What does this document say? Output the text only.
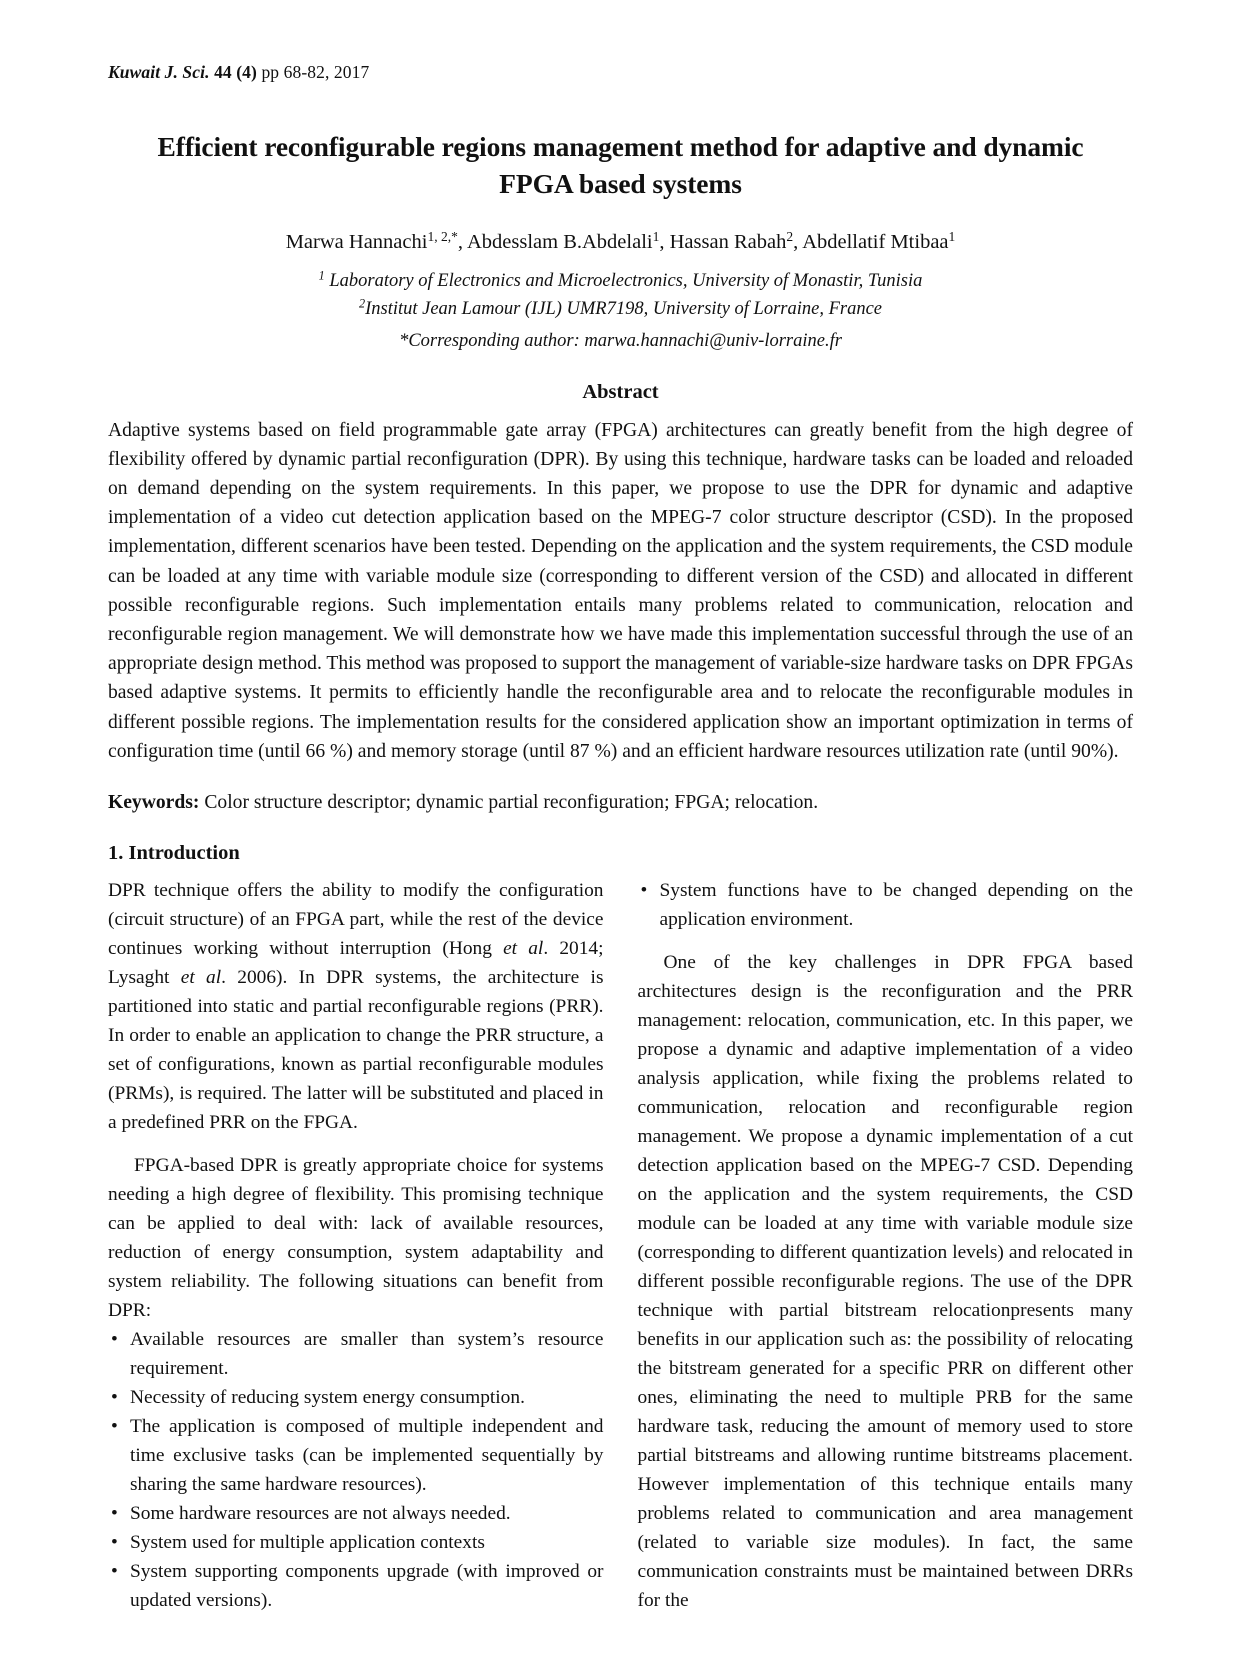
Kuwait J. Sci. 44 (4) pp 68-82, 2017
Efficient reconfigurable regions management method for adaptive and dynamic FPGA based systems
Marwa Hannachi$^{1, 2,*}$, Abdesslam B.Abdelali$^1$, Hassan Rabah$^2$, Abdellatif Mtibaa$^1$
$^1$ Laboratory of Electronics and Microelectronics, University of Monastir, Tunisia
$^2$Institut Jean Lamour (IJL) UMR7198, University of Lorraine, France
*Corresponding author: marwa.hannachi@univ-lorraine.fr
Abstract
Adaptive systems based on field programmable gate array (FPGA) architectures can greatly benefit from the high degree of flexibility offered by dynamic partial reconfiguration (DPR). By using this technique, hardware tasks can be loaded and reloaded on demand depending on the system requirements. In this paper, we propose to use the DPR for dynamic and adaptive implementation of a video cut detection application based on the MPEG-7 color structure descriptor (CSD). In the proposed implementation, different scenarios have been tested. Depending on the application and the system requirements, the CSD module can be loaded at any time with variable module size (corresponding to different version of the CSD) and allocated in different possible reconfigurable regions. Such implementation entails many problems related to communication, relocation and reconfigurable region management. We will demonstrate how we have made this implementation successful through the use of an appropriate design method. This method was proposed to support the management of variable-size hardware tasks on DPR FPGAs based adaptive systems. It permits to efficiently handle the reconfigurable area and to relocate the reconfigurable modules in different possible regions. The implementation results for the considered application show an important optimization in terms of configuration time (until 66 %) and memory storage (until 87 %) and an efficient hardware resources utilization rate (until 90%).
Keywords: Color structure descriptor; dynamic partial reconfiguration; FPGA; relocation.
1. Introduction

DPR technique offers the ability to modify the configuration (circuit structure) of an FPGA part, while the rest of the device continues working without interruption (Hong et al. 2014; Lysaght et al. 2006). In DPR systems, the architecture is partitioned into static and partial reconfigurable regions (PRR). In order to enable an application to change the PRR structure, a set of configurations, known as partial reconfigurable modules (PRMs), is required. The latter will be substituted and placed in a predefined PRR on the FPGA.

FPGA-based DPR is greatly appropriate choice for systems needing a high degree of flexibility. This promising technique can be applied to deal with: lack of available resources, reduction of energy consumption, system adaptability and system reliability. The following situations can benefit from DPR:

• Available resources are smaller than system’s resource requirement.
• Necessity of reducing system energy consumption.
• The application is composed of multiple independent and time exclusive tasks (can be implemented sequentially by sharing the same hardware resources).
• Some hardware resources are not always needed.
• System used for multiple application contexts
• System supporting components upgrade (with improved or updated versions).
• System functions have to be changed depending on the application environment.

One of the key challenges in DPR FPGA based architectures design is the reconfiguration and the PRR management: relocation, communication, etc. In this paper, we propose a dynamic and adaptive implementation of a video analysis application, while fixing the problems related to communication, relocation and reconfigurable region management. We propose a dynamic implementation of a cut detection application based on the MPEG-7 CSD. Depending on the application and the system requirements, the CSD module can be loaded at any time with variable module size (corresponding to different quantization levels) and relocated in different possible reconfigurable regions. The use of the DPR technique with partial bitstream relocationpresents many benefits in our application such as: the possibility of relocating the bitstream generated for a specific PRR on different other ones, eliminating the need to multiple PRB for the same hardware task, reducing the amount of memory used to store partial bitstreams and allowing runtime bitstreams placement. However implementation of this technique entails many problems related to communication and area management (related to variable size modules). In fact, the same communication constraints must be maintained between DRRs for the
